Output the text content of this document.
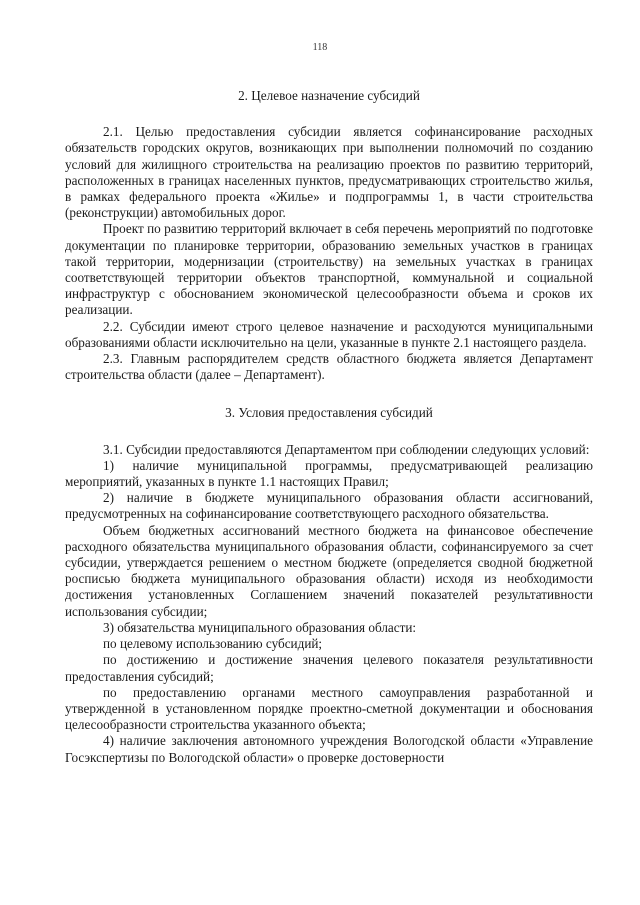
118
2. Целевое назначение субсидий

2.1. Целью предоставления субсидии является софинансирование расходных обязательств городских округов, возникающих при выполнении полномочий по созданию условий для жилищного строительства на реализацию проектов по развитию территорий, расположенных в границах населенных пунктов, предусматривающих строительство жилья, в рамках федерального проекта «Жилье» и подпрограммы 1, в части строительства (реконструкции) автомобильных дорог.

Проект по развитию территорий включает в себя перечень мероприятий по подготовке документации по планировке территории, образованию земельных участков в границах такой территории, модернизации (строительству) на земельных участках в границах соответствующей территории объектов транспортной, коммунальной и социальной инфраструктур с обоснованием экономической целесообразности объема и сроков их реализации.

2.2. Субсидии имеют строго целевое назначение и расходуются муниципальными образованиями области исключительно на цели, указанные в пункте 2.1 настоящего раздела.

2.3. Главным распорядителем средств областного бюджета является Департамент строительства области (далее – Департамент).

3. Условия предоставления субсидий

3.1. Субсидии предоставляются Департаментом при соблюдении следующих условий:

1) наличие муниципальной программы, предусматривающей реализацию мероприятий, указанных в пункте 1.1 настоящих Правил;

2) наличие в бюджете муниципального образования области ассигнований, предусмотренных на софинансирование соответствующего расходного обязательства.

Объем бюджетных ассигнований местного бюджета на финансовое обеспечение расходного обязательства муниципального образования области, софинансируемого за счет субсидии, утверждается решением о местном бюджете (определяется сводной бюджетной росписью бюджета муниципального образования области) исходя из необходимости достижения установленных Соглашением значений показателей результативности использования субсидии;

3) обязательства муниципального образования области:

по целевому использованию субсидий;

по достижению и достижение значения целевого показателя результативности предоставления субсидий;

по предоставлению органами местного самоуправления разработанной и утвержденной в установленном порядке проектно-сметной документации и обоснования целесообразности строительства указанного объекта;

4) наличие заключения автономного учреждения Вологодской области «Управление Госэкспертизы по Вологодской области» о проверке достоверности
